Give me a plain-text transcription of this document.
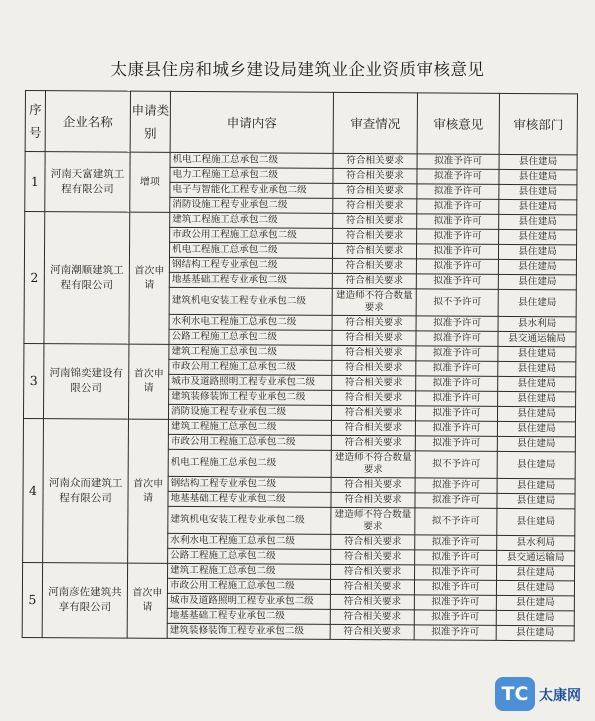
太康县住房和城乡建设局建筑业企业资质审核意见
序号	企业名称	申请类别	申请内容	审查情况	审核意见	审核部门
1	河南天富建筑工程有限公司	增项	机电工程施工总承包二级	符合相关要求	拟准予许可	县住建局
			电力工程施工总承包二级	符合相关要求	拟准予许可	县住建局
			电子与智能化工程专业承包二级	符合相关要求	拟准予许可	县住建局
			消防设施工程专业承包二级	符合相关要求	拟准予许可	县住建局
2	河南潮顺建筑工程有限公司	首次申请	建筑工程施工总承包二级	符合相关要求	拟准予许可	县住建局
			市政公用工程施工总承包二级	符合相关要求	拟准予许可	县住建局
			机电工程施工总承包二级	符合相关要求	拟准予许可	县住建局
			钢结构工程专业承包二级	符合相关要求	拟准予许可	县住建局
			地基基础工程专业承包二级	符合相关要求	拟准予许可	县住建局
			建筑机电安装工程专业承包二级	建造师不符合数量要求	拟不予许可	县住建局
			水利水电工程施工总承包二级	符合相关要求	拟准予许可	县水利局
			公路工程施工总承包二级	符合相关要求	拟准予许可	县交通运输局
3	河南锦奕建设有限公司	首次申请	建筑工程施工总承包二级	符合相关要求	拟准予许可	县住建局
			市政公用工程施工总承包二级	符合相关要求	拟准予许可	县住建局
			城市及道路照明工程专业承包二级	符合相关要求	拟准予许可	县住建局
			建筑装修装饰工程专业承包二级	符合相关要求	拟准予许可	县住建局
			消防设施工程专业承包二级	符合相关要求	拟准予许可	县住建局
4	河南众而建筑工程有限公司	首次申请	建筑工程施工总承包二级	符合相关要求	拟准予许可	县住建局
			市政公用工程施工总承包二级	符合相关要求	拟准予许可	县住建局
			机电工程施工总承包二级	建造师不符合数量要求	拟不予许可	县住建局
			钢结构工程专业承包二级	符合相关要求	拟准予许可	县住建局
			地基基础工程专业承包二级	符合相关要求	拟准予许可	县住建局
			建筑机电安装工程专业承包二级	建造师不符合数量要求	拟不予许可	县住建局
			水利水电工程施工总承包二级	符合相关要求	拟准予许可	县水利局
			公路工程施工总承包二级	符合相关要求	拟准予许可	县交通运输局
5	河南彦佐建筑共享有限公司	首次申请	建筑工程施工总承包二级	符合相关要求	拟准予许可	县住建局
			市政公用工程施工总承包二级	符合相关要求	拟准予许可	县住建局
			城市及道路照明工程专业承包二级	符合相关要求	拟准予许可	县住建局
			地基基础工程专业承包二级	符合相关要求	拟准予许可	县住建局
			建筑装修装饰工程专业承包二级	符合相关要求	拟准予许可	县住建局
TC 太康网
